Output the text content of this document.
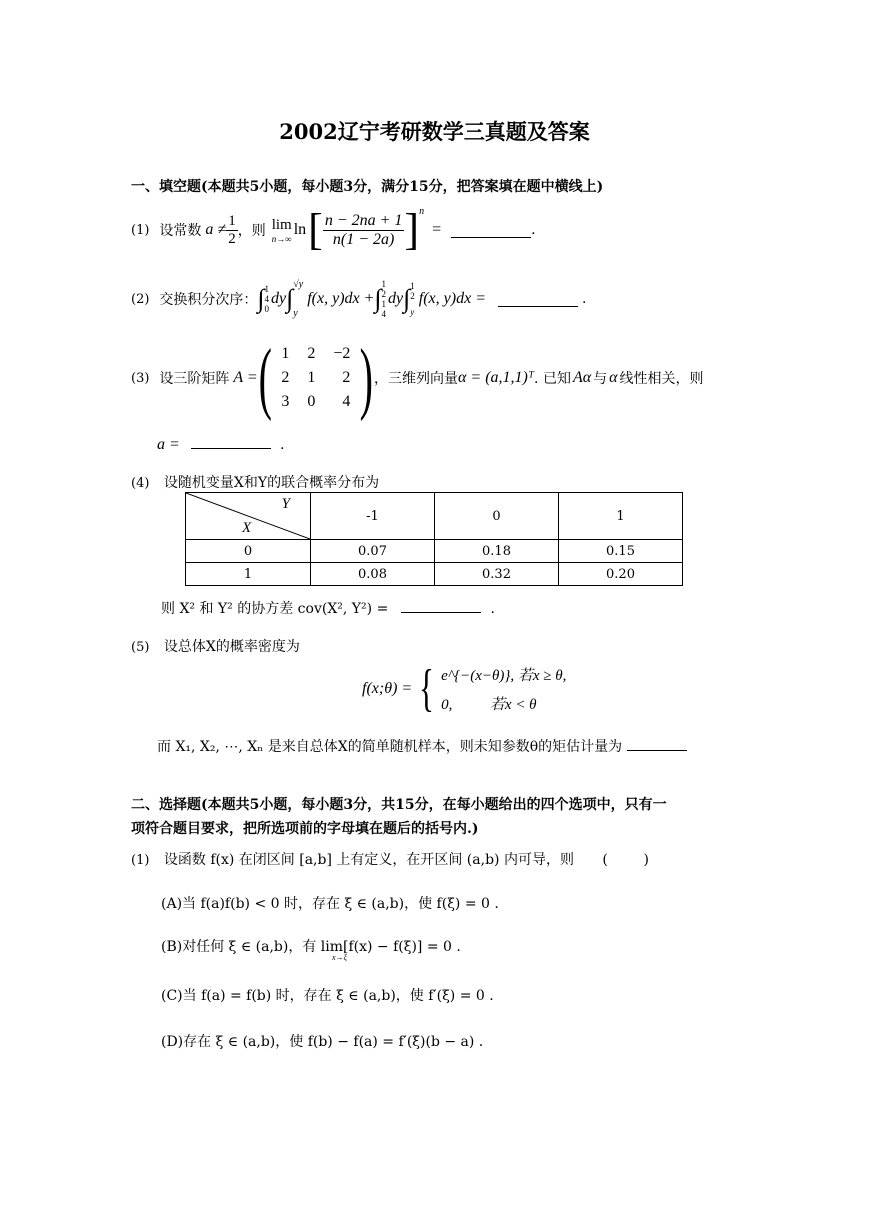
2002辽宁考研数学三真题及答案
一、填空题(本题共5小题，每小题3分，满分15分，把答案填在题中横线上)
(1) 设常数 $a \ne \frac{1}{2}$ ，则 lim
n→∞
ln [ $\frac{n - 2na + 1}{n(1 - 2a)}$ ] n
=	.
(2) 交换积分次序： ∫ 1
4
0
dy ∫ √y
y
f(x, y)dx + ∫ 1
2
1
4
dy ∫ 1
2
y
f(x, y)dx =	.
(3) 设三阶矩阵 A = ( 1	2	−2
2	1	2
3	0	4 ) ，三维列向量 α = (a,1,1)ᵀ . 已知 Aα 与 α 线性相关，则
a =	.
(4) 设随机变量X和Y的联合概率分布为
Y
X	-1	0	1
0	0.07	0.18	0.15
1	0.08	0.32	0.20
则 X² 和 Y² 的协方差 cov(X², Y²) =	.
(5) 设总体X的概率密度为
f(x;θ) = { e^{−(x−θ)}, 若x ≥ θ,
0,          若x < θ
而 X₁, X₂, ⋯, Xₙ 是来自总体X的简单随机样本，则未知参数θ的矩估计量为
二、选择题(本题共5小题，每小题3分，共15分，在每小题给出的四个选项中，只有一
项符合题目要求，把所选项前的字母填在题后的括号内.)
(1) 设函数 f(x) 在闭区间 [a,b] 上有定义，在开区间 (a,b) 内可导，则 (        )
(A)当 f(a)f(b) < 0 时，存在 ξ ∈ (a,b)，使 f(ξ) = 0 .
(B)对任何 ξ ∈ (a,b)，有 lim[f(x) − f(ξ)] = 0 .
x→ξ
(C)当 f(a) = f(b) 时，存在 ξ ∈ (a,b)，使 f′(ξ) = 0 .
(D)存在 ξ ∈ (a,b)，使 f(b) − f(a) = f′(ξ)(b − a) .
